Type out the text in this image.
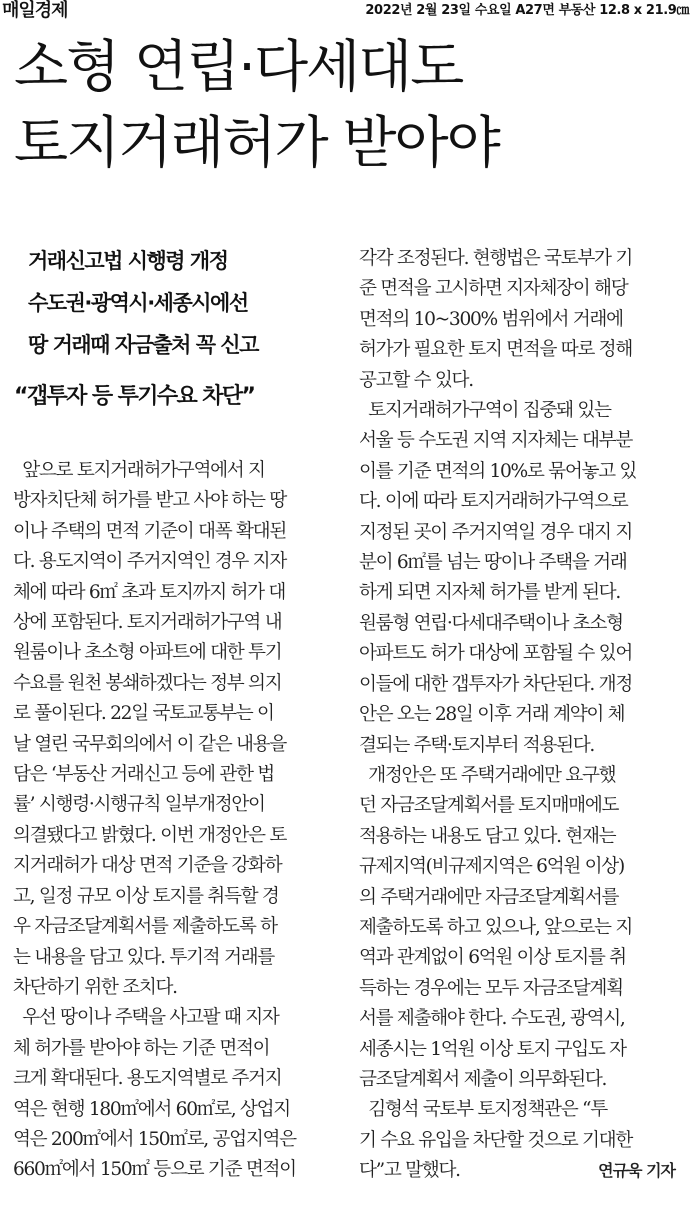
매일경제	2022년 2월 23일 수요일 A27면 부동산 12.8 x 21.9㎝
소형 연립·다세대도
토지거래허가 받아야
거래신고법 시행령 개정
수도권·광역시·세종시에선
땅 거래때 자금출처 꼭 신고
“갭투자 등 투기수요 차단”
앞으로 토지거래허가구역에서 지
방자치단체 허가를 받고 사야 하는 땅
이나 주택의 면적 기준이 대폭 확대된
다. 용도지역이 주거지역인 경우 지자
체에 따라 6㎡ 초과 토지까지 허가 대
상에 포함된다. 토지거래허가구역 내
원룸이나 초소형 아파트에 대한 투기
수요를 원천 봉쇄하겠다는 정부 의지
로 풀이된다. 22일 국토교통부는 이
날 열린 국무회의에서 이 같은 내용을
담은 ‘부동산 거래신고 등에 관한 법
률’ 시행령·시행규칙 일부개정안이
의결됐다고 밝혔다. 이번 개정안은 토
지거래허가 대상 면적 기준을 강화하
고, 일정 규모 이상 토지를 취득할 경
우 자금조달계획서를 제출하도록 하
는 내용을 담고 있다. 투기적 거래를
차단하기 위한 조치다.
우선 땅이나 주택을 사고팔 때 지자
체 허가를 받아야 하는 기준 면적이
크게 확대된다. 용도지역별로 주거지
역은 현행 180㎡에서 60㎡로, 상업지
역은 200㎡에서 150㎡로, 공업지역은
660㎡에서 150㎡ 등으로 기준 면적이
각각 조정된다. 현행법은 국토부가 기
준 면적을 고시하면 지자체장이 해당
면적의 10~300% 범위에서 거래에
허가가 필요한 토지 면적을 따로 정해
공고할 수 있다.
토지거래허가구역이 집중돼 있는
서울 등 수도권 지역 지자체는 대부분
이를 기준 면적의 10%로 묶어놓고 있
다. 이에 따라 토지거래허가구역으로
지정된 곳이 주거지역일 경우 대지 지
분이 6㎡를 넘는 땅이나 주택을 거래
하게 되면 지자체 허가를 받게 된다.
원룸형 연립·다세대주택이나 초소형
아파트도 허가 대상에 포함될 수 있어
이들에 대한 갭투자가 차단된다. 개정
안은 오는 28일 이후 거래 계약이 체
결되는 주택·토지부터 적용된다.
개정안은 또 주택거래에만 요구했
던 자금조달계획서를 토지매매에도
적용하는 내용도 담고 있다. 현재는
규제지역(비규제지역은 6억원 이상)
의 주택거래에만 자금조달계획서를
제출하도록 하고 있으나, 앞으로는 지
역과 관계없이 6억원 이상 토지를 취
득하는 경우에는 모두 자금조달계획
서를 제출해야 한다. 수도권, 광역시,
세종시는 1억원 이상 토지 구입도 자
금조달계획서 제출이 의무화된다.
김형석 국토부 토지정책관은 “투
기 수요 유입을 차단할 것으로 기대한
다”고 말했다.	연규욱 기자
